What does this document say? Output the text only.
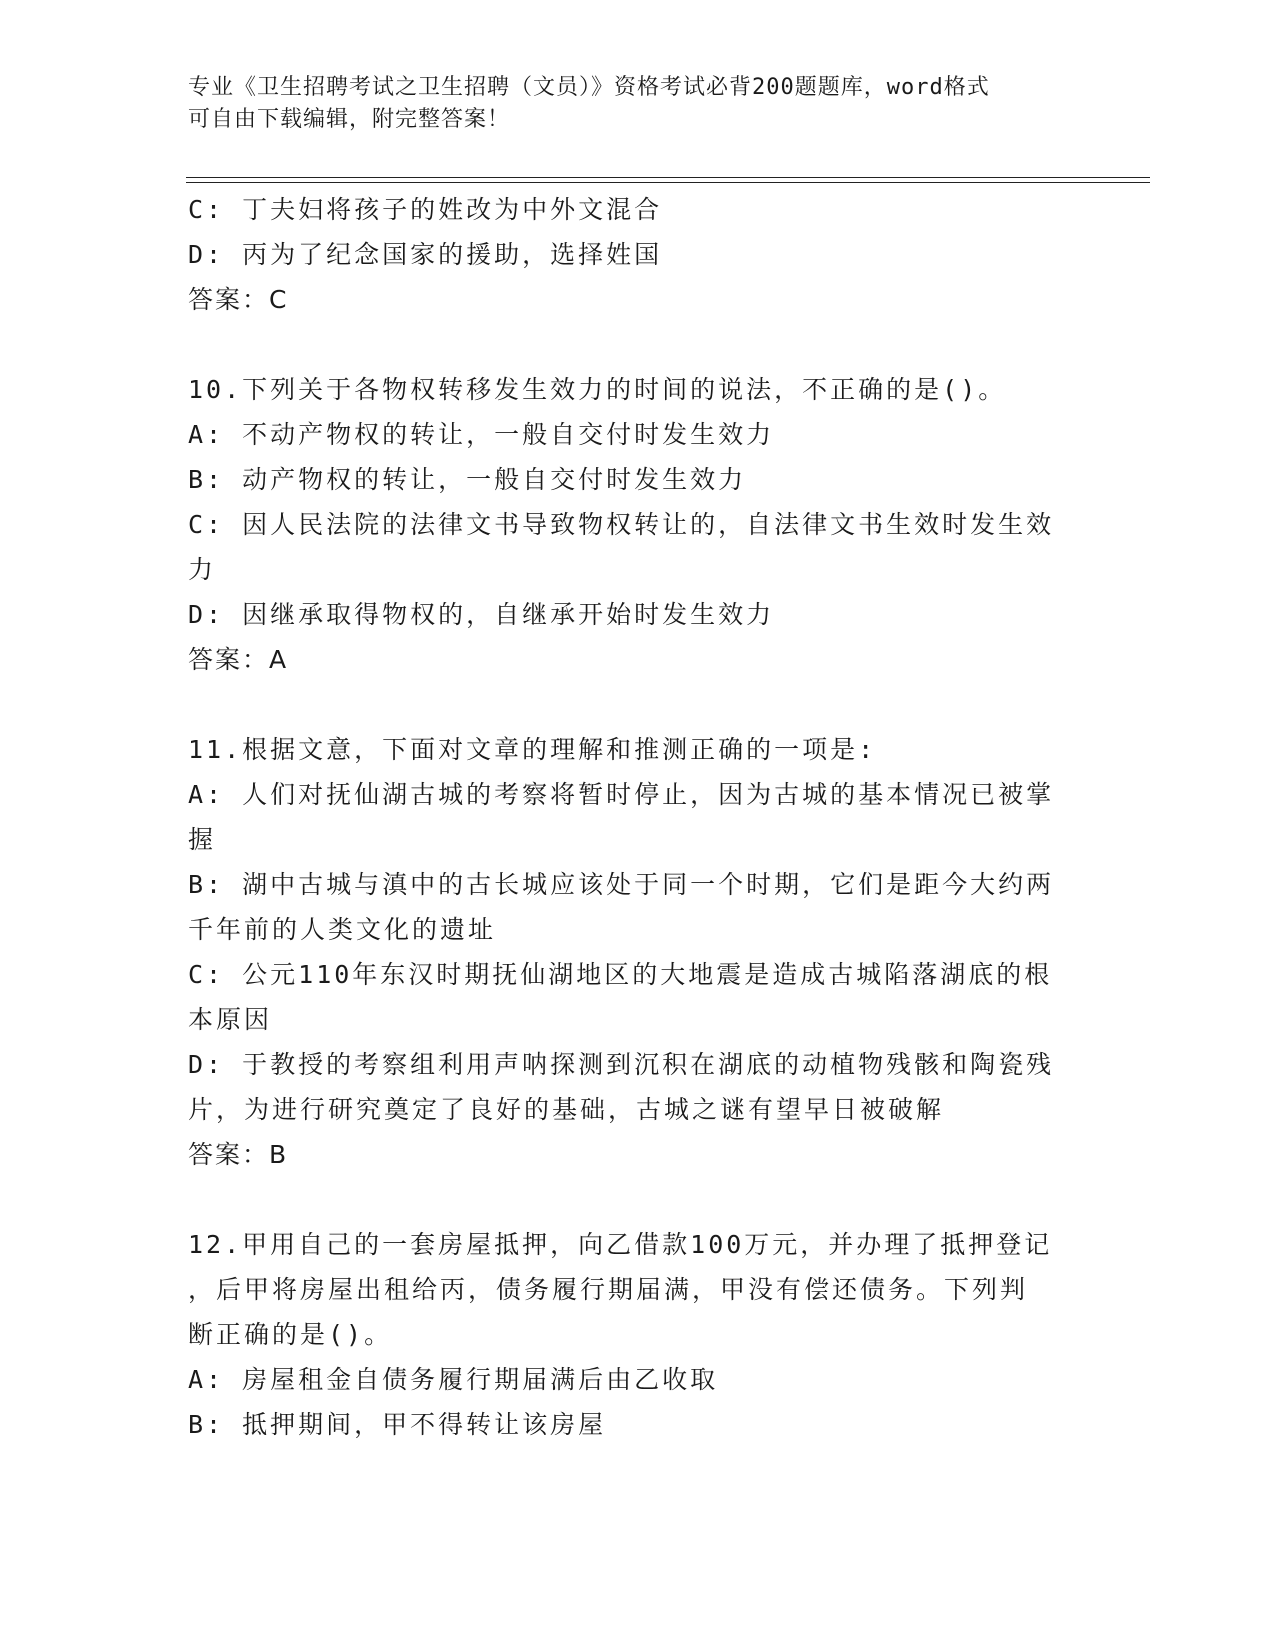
专业《卫生招聘考试之卫生招聘（文员）》资格考试必背200题题库，word格式
可自由下载编辑，附完整答案！
C: 丁夫妇将孩子的姓改为中外文混合
D: 丙为了纪念国家的援助，选择姓国
答案：C
10.下列关于各物权转移发生效力的时间的说法，不正确的是()。
A: 不动产物权的转让，一般自交付时发生效力
B: 动产物权的转让，一般自交付时发生效力
C: 因人民法院的法律文书导致物权转让的，自法律文书生效时发生效
力
D: 因继承取得物权的，自继承开始时发生效力
答案：A
11.根据文意，下面对文章的理解和推测正确的一项是:
A: 人们对抚仙湖古城的考察将暂时停止，因为古城的基本情况已被掌
握
B: 湖中古城与滇中的古长城应该处于同一个时期，它们是距今大约两
千年前的人类文化的遗址
C: 公元110年东汉时期抚仙湖地区的大地震是造成古城陷落湖底的根
本原因
D: 于教授的考察组利用声呐探测到沉积在湖底的动植物残骸和陶瓷残
片，为进行研究奠定了良好的基础，古城之谜有望早日被破解
答案：B
12.甲用自己的一套房屋抵押，向乙借款100万元，并办理了抵押登记
，后甲将房屋出租给丙，债务履行期届满，甲没有偿还债务。下列判
断正确的是()。
A: 房屋租金自债务履行期届满后由乙收取
B: 抵押期间，甲不得转让该房屋
